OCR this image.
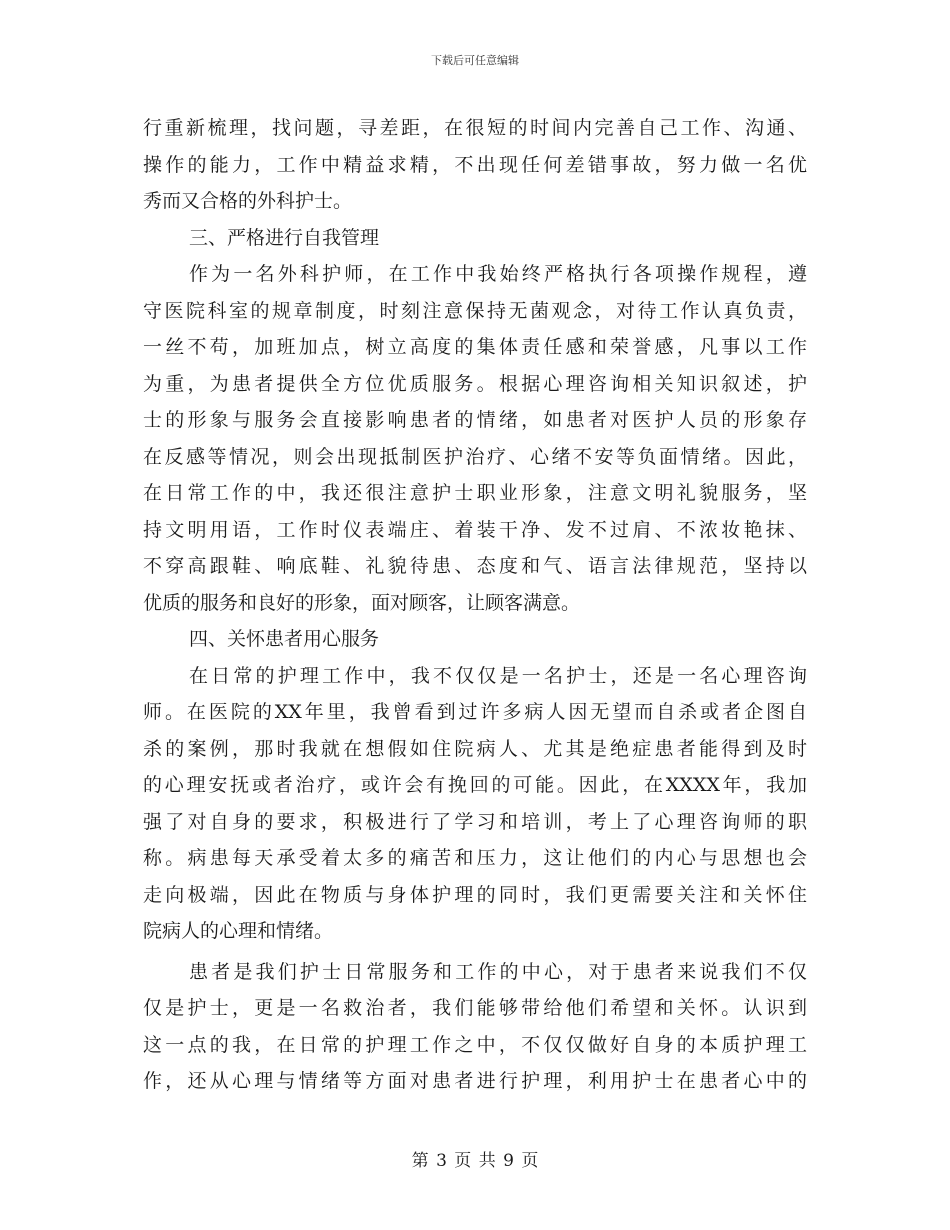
下载后可任意编辑
行重新梳理，找问题，寻差距，在很短的时间内完善自己工作、沟通、
操作的能力，工作中精益求精，不出现任何差错事故，努力做一名优
秀而又合格的外科护士。
三、严格进行自我管理
作为一名外科护师，在工作中我始终严格执行各项操作规程，遵
守医院科室的规章制度，时刻注意保持无菌观念，对待工作认真负责，
一丝不苟，加班加点，树立高度的集体责任感和荣誉感，凡事以工作
为重，为患者提供全方位优质服务。根据心理咨询相关知识叙述，护
士的形象与服务会直接影响患者的情绪，如患者对医护人员的形象存
在反感等情况，则会出现抵制医护治疗、心绪不安等负面情绪。因此，
在日常工作的中，我还很注意护士职业形象，注意文明礼貌服务，坚
持文明用语，工作时仪表端庄、着装干净、发不过肩、不浓妆艳抹、
不穿高跟鞋、响底鞋、礼貌待患、态度和气、语言法律规范，坚持以
优质的服务和良好的形象，面对顾客，让顾客满意。
四、关怀患者用心服务
在日常的护理工作中，我不仅仅是一名护士，还是一名心理咨询
师。在医院的XX年里，我曾看到过许多病人因无望而自杀或者企图自
杀的案例，那时我就在想假如住院病人、尤其是绝症患者能得到及时
的心理安抚或者治疗，或许会有挽回的可能。因此，在XXXX年，我加
强了对自身的要求，积极进行了学习和培训，考上了心理咨询师的职
称。病患每天承受着太多的痛苦和压力，这让他们的内心与思想也会
走向极端，因此在物质与身体护理的同时，我们更需要关注和关怀住
院病人的心理和情绪。
患者是我们护士日常服务和工作的中心，对于患者来说我们不仅
仅是护士，更是一名救治者，我们能够带给他们希望和关怀。认识到
这一点的我，在日常的护理工作之中，不仅仅做好自身的本质护理工
作，还从心理与情绪等方面对患者进行护理，利用护士在患者心中的
第 3 页 共 9 页
